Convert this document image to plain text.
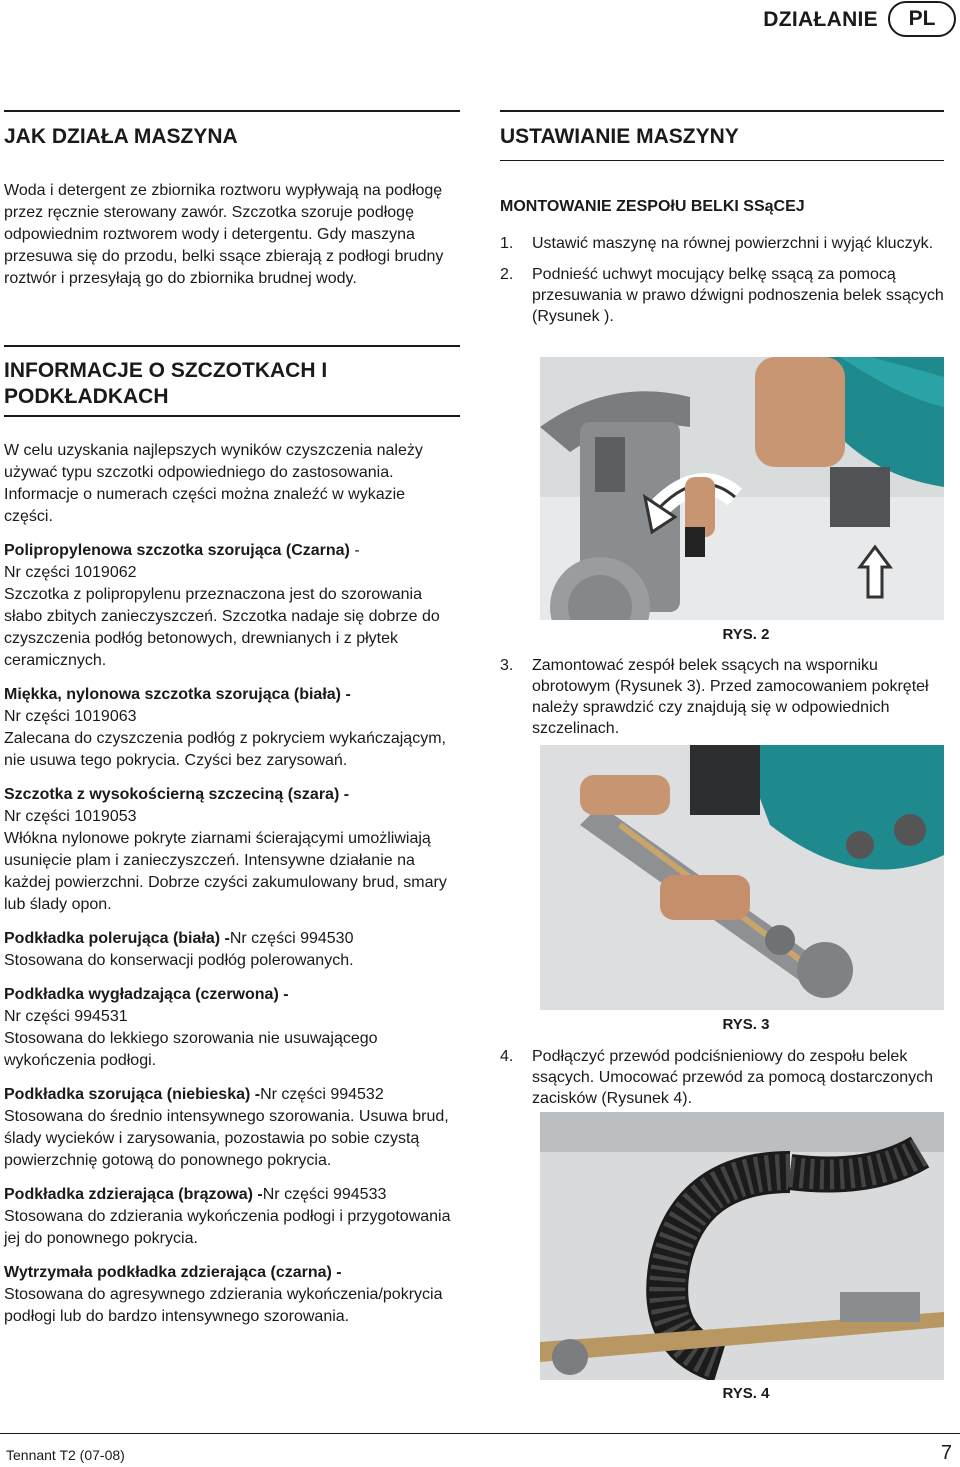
DZIAŁANIE	PL
JAK DZIAŁA MASZYNA

Woda i detergent ze zbiornika roztworu wypływają na podłogę przez ręcznie sterowany zawór. Szczotka szoruje podłogę odpowiednim roztworem wody i detergentu. Gdy maszyna przesuwa się do przodu, belki ssące zbierają z podłogi brudny roztwór i przesyłają go do zbiornika brudnej wody.

INFORMACJE O SZCZOTKACH I
PODKŁADKACH

W celu uzyskania najlepszych wyników czyszczenia należy używać typu szczotki odpowiedniego do zastosowania. Informacje o numerach części można znaleźć w wykazie części.

Polipropylenowa szczotka szorująca (Czarna) -
Nr części 1019062
Szczotka z polipropylenu przeznaczona jest do szorowania słabo zbitych zanieczyszczeń. Szczotka nadaje się dobrze do czyszczenia podłóg betonowych, drewnianych i z płytek ceramicznych.

Miękka, nylonowa szczotka szorująca (biała) -
Nr części 1019063
Zalecana do czyszczenia podłóg z pokryciem wykańczającym, nie usuwa tego pokrycia. Czyści bez zarysowań.

Szczotka z wysokościerną szczeciną (szara) -
Nr części 1019053
Włókna nylonowe pokryte ziarnami ścierającymi umożliwiają usunięcie plam i zanieczyszczeń. Intensywne działanie na każdej powierzchni. Dobrze czyści zakumulowany brud, smary lub ślady opon.

Podkładka polerująca (biała) -Nr części 994530
Stosowana do konserwacji podłóg polerowanych.

Podkładka wygładzająca (czerwona) -
Nr części 994531
Stosowana do lekkiego szorowania nie usuwającego wykończenia podłogi.

Podkładka szorująca (niebieska) -Nr części 994532
Stosowana do średnio intensywnego szorowania. Usuwa brud, ślady wycieków i zarysowania, pozostawia po sobie czystą powierzchnię gotową do ponownego pokrycia.

Podkładka zdzierająca (brązowa) -Nr części 994533
Stosowana do zdzierania wykończenia podłogi i przygotowania jej do ponownego pokrycia.

Wytrzymała podkładka zdzierająca (czarna) -
Stosowana do agresywnego zdzierania wykończenia/pokrycia podłogi lub do bardzo intensywnego szorowania.

USTAWIANIE MASZYNY
MONTOWANIE ZESPOłU BELKI SSąCEJ
1.	Ustawić maszynę na równej powierzchni i wyjąć kluczyk.
2.	Podnieść uchwyt mocujący belkę ssącą za pomocą przesuwania w prawo dźwigni podnoszenia belek ssących (Rysunek ).
RYS. 2
3.	Zamontować zespół belek ssących na wsporniku obrotowym (Rysunek 3). Przed zamocowaniem pokręteł należy sprawdzić czy znajdują się w odpowiednich szczelinach.
RYS. 3
4.	Podłączyć przewód podciśnieniowy do zespołu belek ssących. Umocować przewód za pomocą dostarczonych zacisków (Rysunek 4).
RYS. 4
Tennant T2 (07-08)	7
